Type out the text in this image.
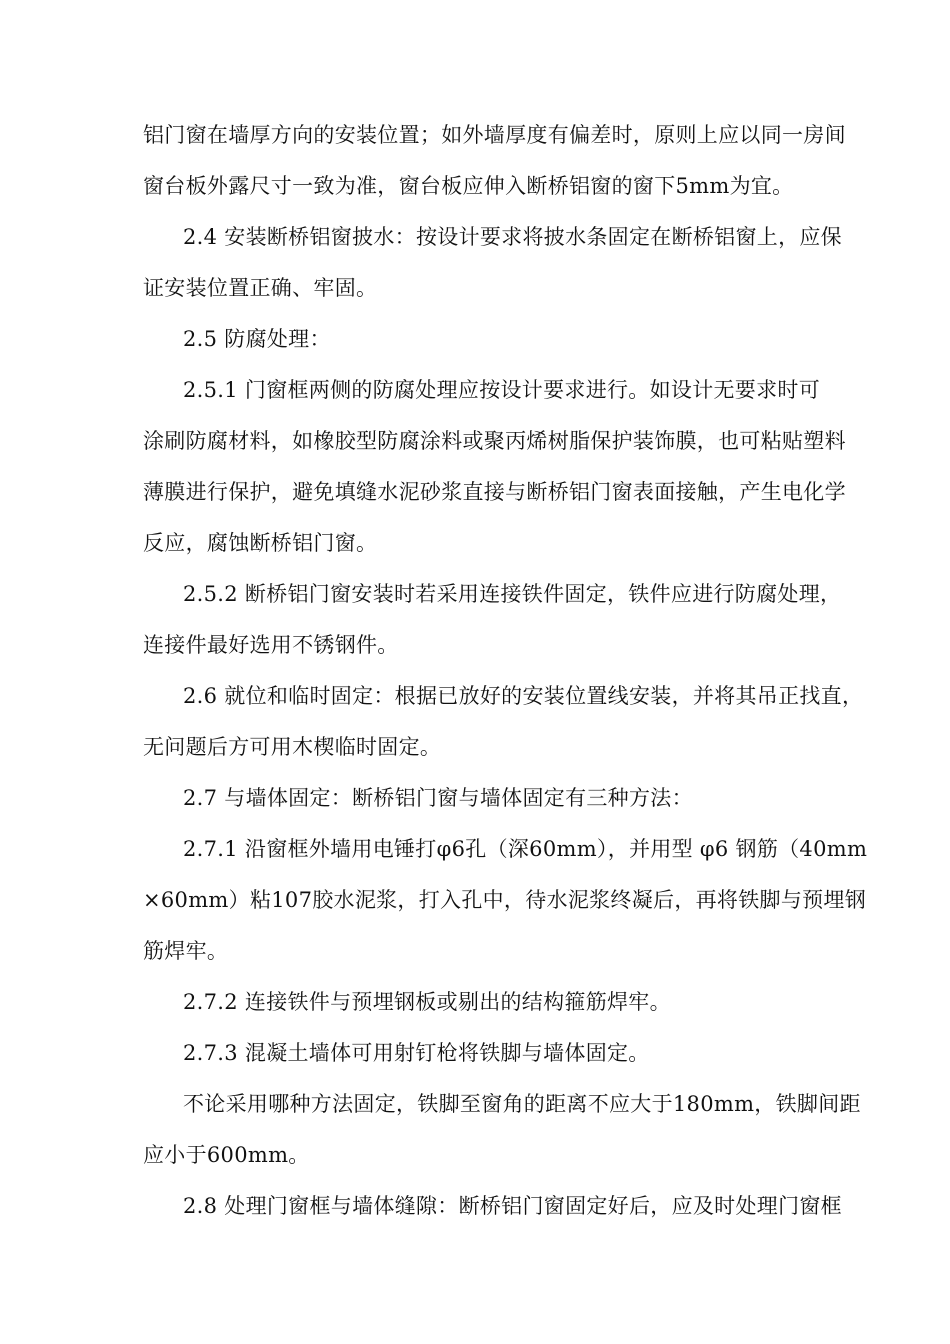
铝门窗在墙厚方向的安装位置；如外墙厚度有偏差时，原则上应以同一房间
窗台板外露尺寸一致为准，窗台板应伸入断桥铝窗的窗下5mm为宜。
2.4 安装断桥铝窗披水：按设计要求将披水条固定在断桥铝窗上，应保
证安装位置正确、牢固。
2.5 防腐处理：
2.5.1 门窗框两侧的防腐处理应按设计要求进行。如设计无要求时可
涂刷防腐材料，如橡胶型防腐涂料或聚丙烯树脂保护装饰膜，也可粘贴塑料
薄膜进行保护，避免填缝水泥砂浆直接与断桥铝门窗表面接触，产生电化学
反应，腐蚀断桥铝门窗。
2.5.2 断桥铝门窗安装时若采用连接铁件固定，铁件应进行防腐处理，
连接件最好选用不锈钢件。
2.6 就位和临时固定：根据已放好的安装位置线安装，并将其吊正找直，
无问题后方可用木楔临时固定。
2.7 与墙体固定：断桥铝门窗与墙体固定有三种方法：
2.7.1 沿窗框外墙用电锤打φ6孔（深60mm），并用型 φ6 钢筋（40mm
×60mm）粘107胶水泥浆，打入孔中，待水泥浆终凝后，再将铁脚与预埋钢
筋焊牢。
2.7.2 连接铁件与预埋钢板或剔出的结构箍筋焊牢。
2.7.3 混凝土墙体可用射钉枪将铁脚与墙体固定。
不论采用哪种方法固定，铁脚至窗角的距离不应大于180mm，铁脚间距
应小于600mm。
2.8 处理门窗框与墙体缝隙：断桥铝门窗固定好后，应及时处理门窗框
